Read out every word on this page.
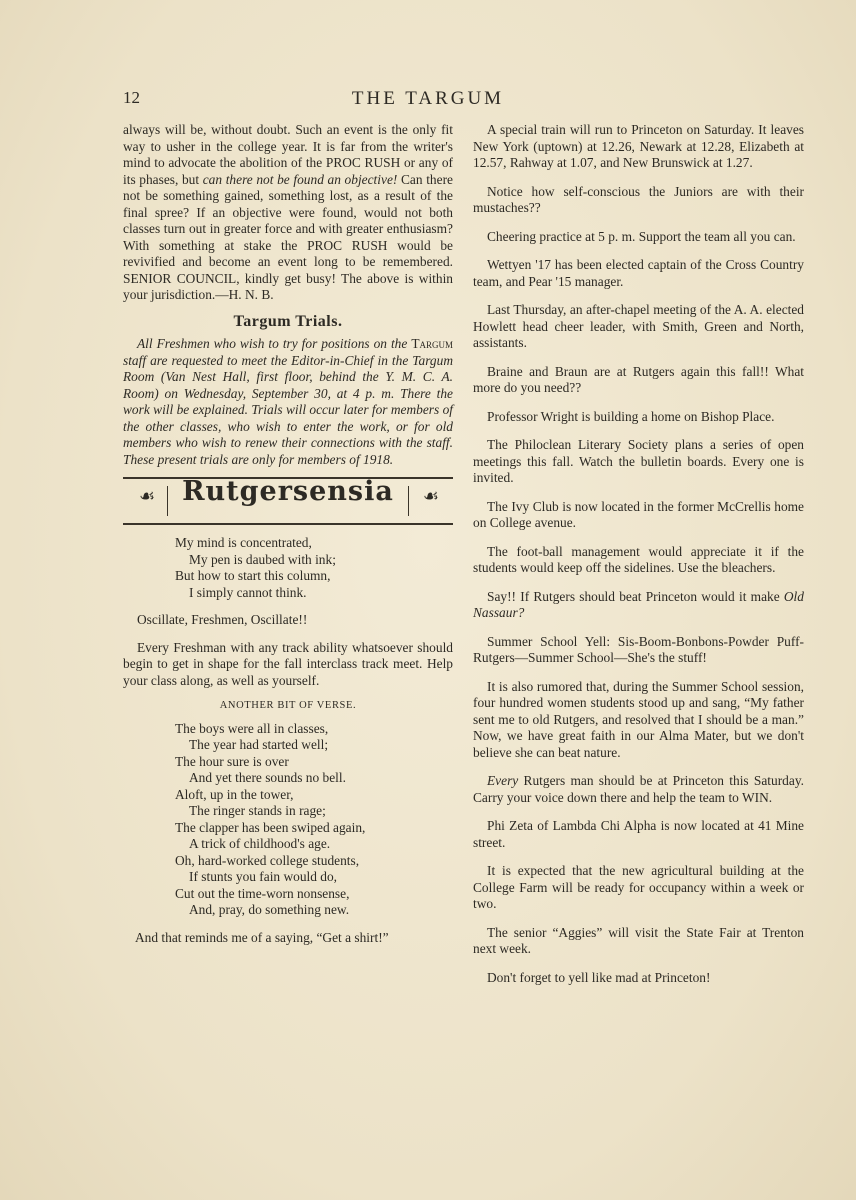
12	THE TARGUM

always will be, without doubt. Such an event is the only fit way to usher in the college year. It is far from the writer's mind to advocate the abolition of the PROC RUSH or any of its phases, but can there not be found an objective! Can there not be something gained, something lost, as a result of the final spree? If an objective were found, would not both classes turn out in greater force and with greater enthusiasm? With something at stake the PROC RUSH would be revivified and become an event long to be remembered. SENIOR COUNCIL, kindly get busy! The above is within your jurisdiction.—H. N. B.

Targum Trials.

All Freshmen who wish to try for positions on the Targum staff are requested to meet the Editor-in-Chief in the Targum Room (Van Nest Hall, first floor, behind the Y. M. C. A. Room) on Wednesday, September 30, at 4 p. m. There the work will be explained. Trials will occur later for members of the other classes, who wish to enter the work, or for old members who wish to renew their connections with the staff. These present trials are only for members of 1918.

☙ Rutgersensia	☙
My mind is concentrated,
My pen is daubed with ink;
But how to start this column,
I simply cannot think.

Oscillate, Freshmen, Oscillate!!

Every Freshman with any track ability whatsoever should begin to get in shape for the fall interclass track meet. Help your class along, as well as yourself.

ANOTHER BIT OF VERSE.
The boys were all in classes,
The year had started well;
The hour sure is over
And yet there sounds no bell.
Aloft, up in the tower,
The ringer stands in rage;
The clapper has been swiped again,
A trick of childhood's age.
Oh, hard-worked college students,
If stunts you fain would do,
Cut out the time-worn nonsense,
And, pray, do something new.

And that reminds me of a saying, “Get a shirt!”

A special train will run to Princeton on Saturday. It leaves New York (uptown) at 12.26, Newark at 12.28, Elizabeth at 12.57, Rahway at 1.07, and New Brunswick at 1.27.

Notice how self-conscious the Juniors are with their mustaches??

Cheering practice at 5 p. m. Support the team all you can.

Wettyen '17 has been elected captain of the Cross Country team, and Pear '15 manager.

Last Thursday, an after-chapel meeting of the A. A. elected Howlett head cheer leader, with Smith, Green and North, assistants.

Braine and Braun are at Rutgers again this fall!! What more do you need??

Professor Wright is building a home on Bishop Place.

The Philoclean Literary Society plans a series of open meetings this fall. Watch the bulletin boards. Every one is invited.

The Ivy Club is now located in the former McCrellis home on College avenue.

The foot-ball management would appreciate it if the students would keep off the sidelines. Use the bleachers.

Say!! If Rutgers should beat Princeton would it make Old Nassaur?

Summer School Yell: Sis-Boom-Bonbons-Powder Puff-Rutgers—Summer School—She's the stuff!

It is also rumored that, during the Summer School session, four hundred women students stood up and sang, “My father sent me to old Rutgers, and resolved that I should be a man.” Now, we have great faith in our Alma Mater, but we don't believe she can beat nature.

Every Rutgers man should be at Princeton this Saturday. Carry your voice down there and help the team to WIN.

Phi Zeta of Lambda Chi Alpha is now located at 41 Mine street.

It is expected that the new agricultural building at the College Farm will be ready for occupancy within a week or two.

The senior “Aggies” will visit the State Fair at Trenton next week.

Don't forget to yell like mad at Princeton!
